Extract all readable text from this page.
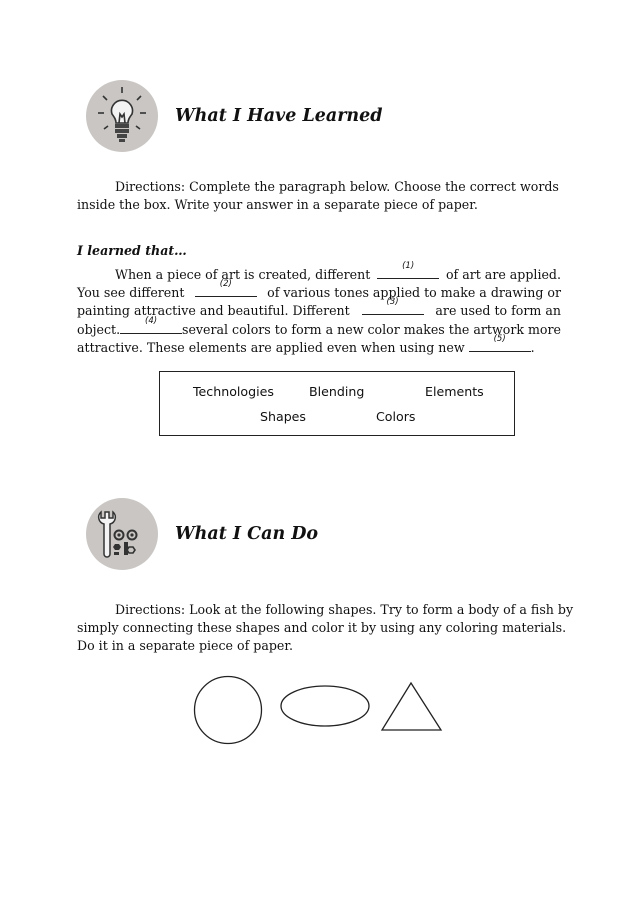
What I Have Learned
Directions: Complete the paragraph below. Choose the correct words
inside the box. Write your answer in a separate piece of paper.
I learned that…
When a piece of art is created, different
(1)
of art are applied.
You see different
(2)
of various tones applied to make a drawing or
painting attractive and beautiful. Different
(3)
are used to form an
object.
(4)
several colors to form a new color makes the artwork more
attractive. These elements are applied even when using new
(5)
.
Technologies	Blending	Elements
Shapes	Colors
What I Can Do
Directions: Look at the following shapes. Try to form a body of a fish by
simply connecting these shapes and color it by using any coloring materials.
Do it in a separate piece of paper.
